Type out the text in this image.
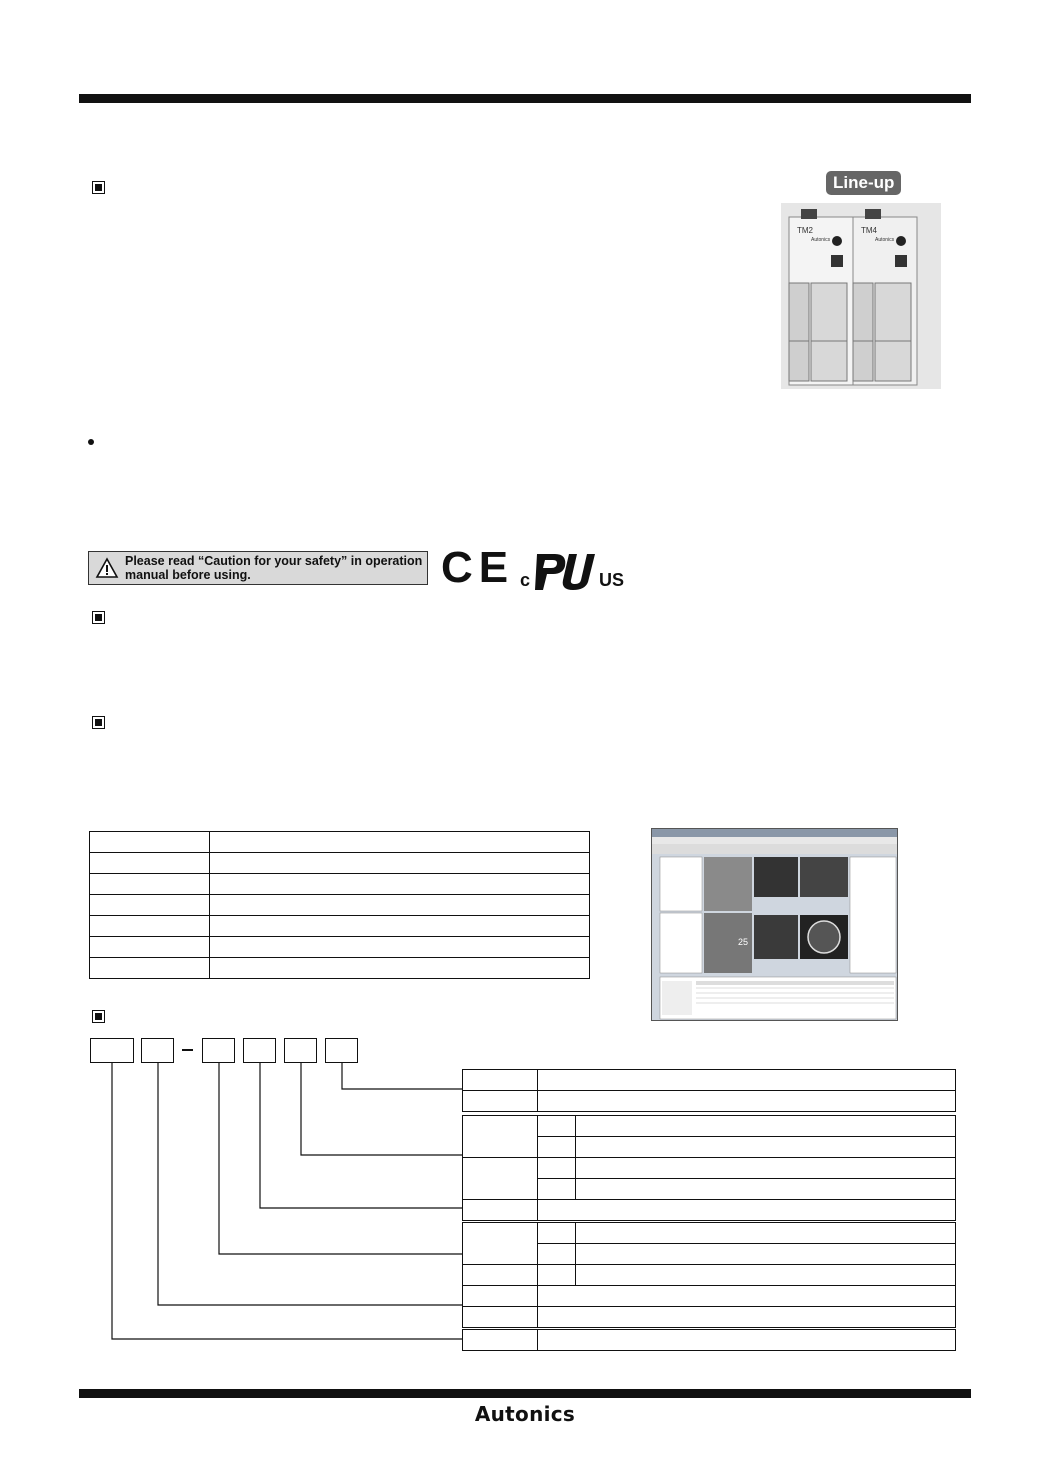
Line-up
TM2
Autonics
TM4
Autonics
Please read “Caution for your safety” in operation
manual before using.	CE c	US

25

Autonics
